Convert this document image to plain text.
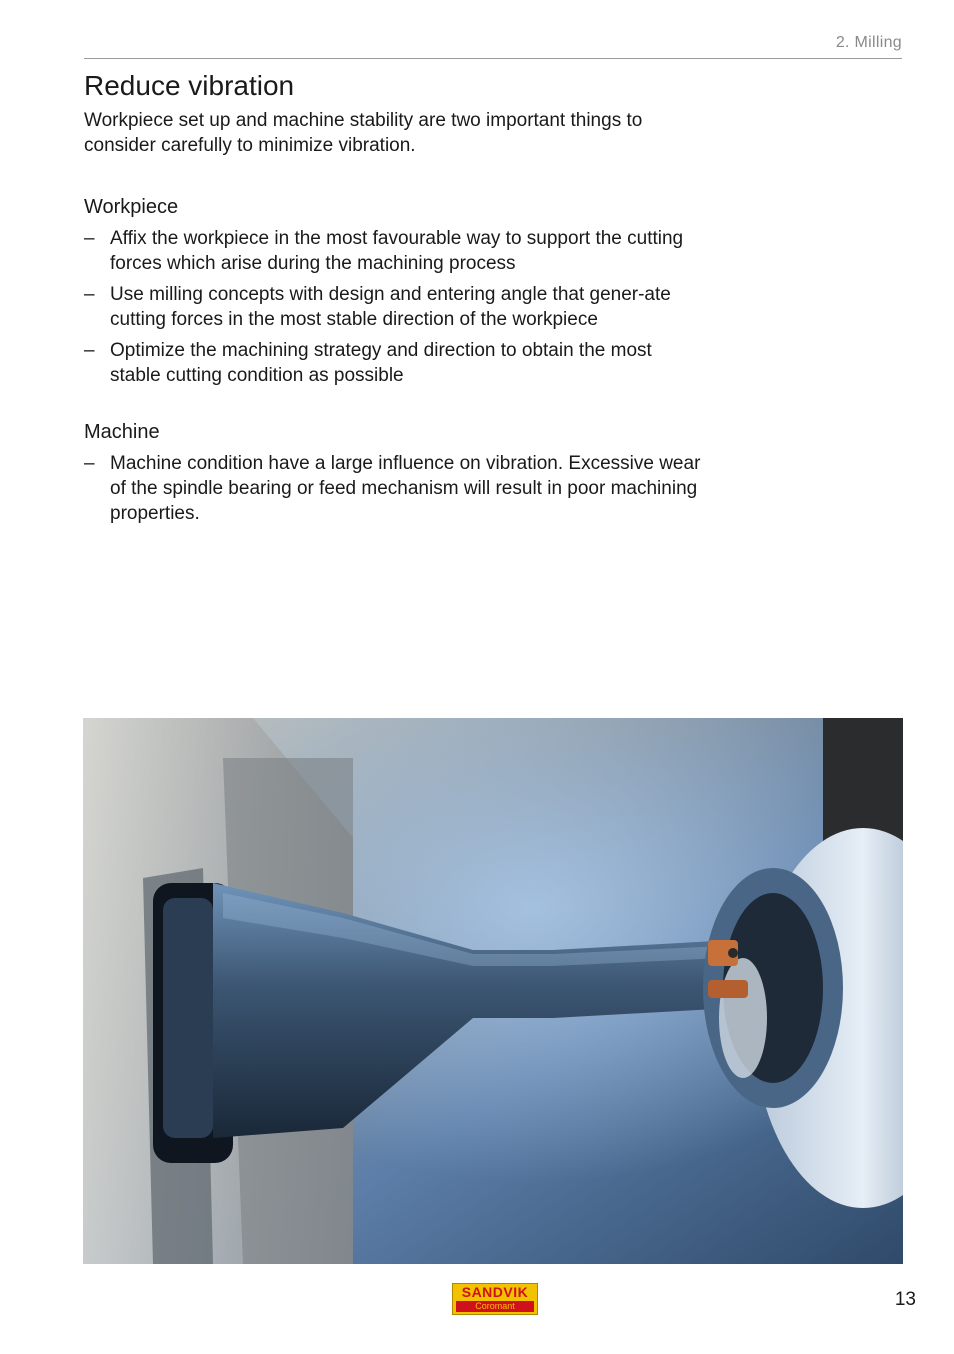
2. Milling
Reduce vibration

Workpiece set up and machine stability are two important things to consider carefully to minimize vibration.

Workpiece
– Affix the workpiece in the most favourable way to support the cutting forces which arise during the machining process
– Use milling concepts with design and entering angle that gener-ate cutting forces in the most stable direction of the workpiece
– Optimize the machining strategy and direction to obtain the most stable cutting condition as possible
Machine
– Machine condition have a large influence on vibration. Excessive wear of the spindle bearing or feed mechanism will result in poor machining properties.
SANDVIK
Coromant	13
